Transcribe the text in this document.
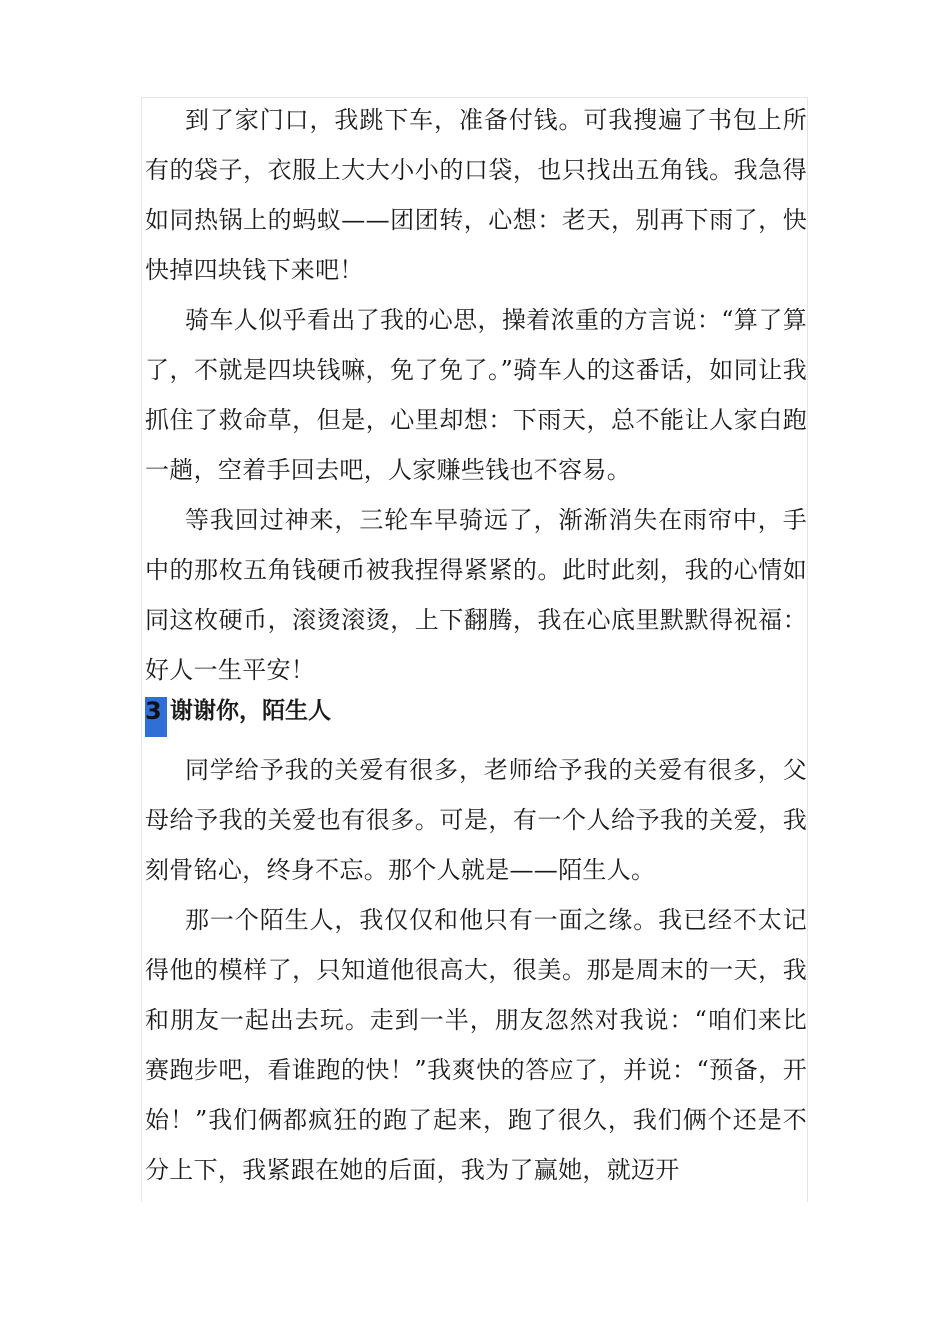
到了家门口，我跳下车，准备付钱。可我搜遍了书包上所有的袋子，衣服上大大小小的口袋，也只找出五角钱。我急得如同热锅上的蚂蚁——团团转，心想：老天，别再下雨了，快快掉四块钱下来吧！

骑车人似乎看出了我的心思，操着浓重的方言说：“算了算了，不就是四块钱嘛，免了免了。”骑车人的这番话，如同让我抓住了救命草，但是，心里却想：下雨天，总不能让人家白跑一趟，空着手回去吧，人家赚些钱也不容易。

等我回过神来，三轮车早骑远了，渐渐消失在雨帘中，手中的那枚五角钱硬币被我捏得紧紧的。此时此刻，我的心情如同这枚硬币，滚烫滚烫，上下翻腾，我在心底里默默得祝福：好人一生平安！

3 谢谢你，陌生人

同学给予我的关爱有很多，老师给予我的关爱有很多，父母给予我的关爱也有很多。可是，有一个人给予我的关爱，我刻骨铭心，终身不忘。那个人就是——陌生人。

那一个陌生人，我仅仅和他只有一面之缘。我已经不太记得他的模样了，只知道他很高大，很美。那是周末的一天，我和朋友一起出去玩。走到一半，朋友忽然对我说：“咱们来比赛跑步吧，看谁跑的快！”我爽快的答应了，并说：“预备，开始！”我们俩都疯狂的跑了起来，跑了很久，我们俩个还是不分上下，我紧跟在她的后面，我为了赢她，就迈开
